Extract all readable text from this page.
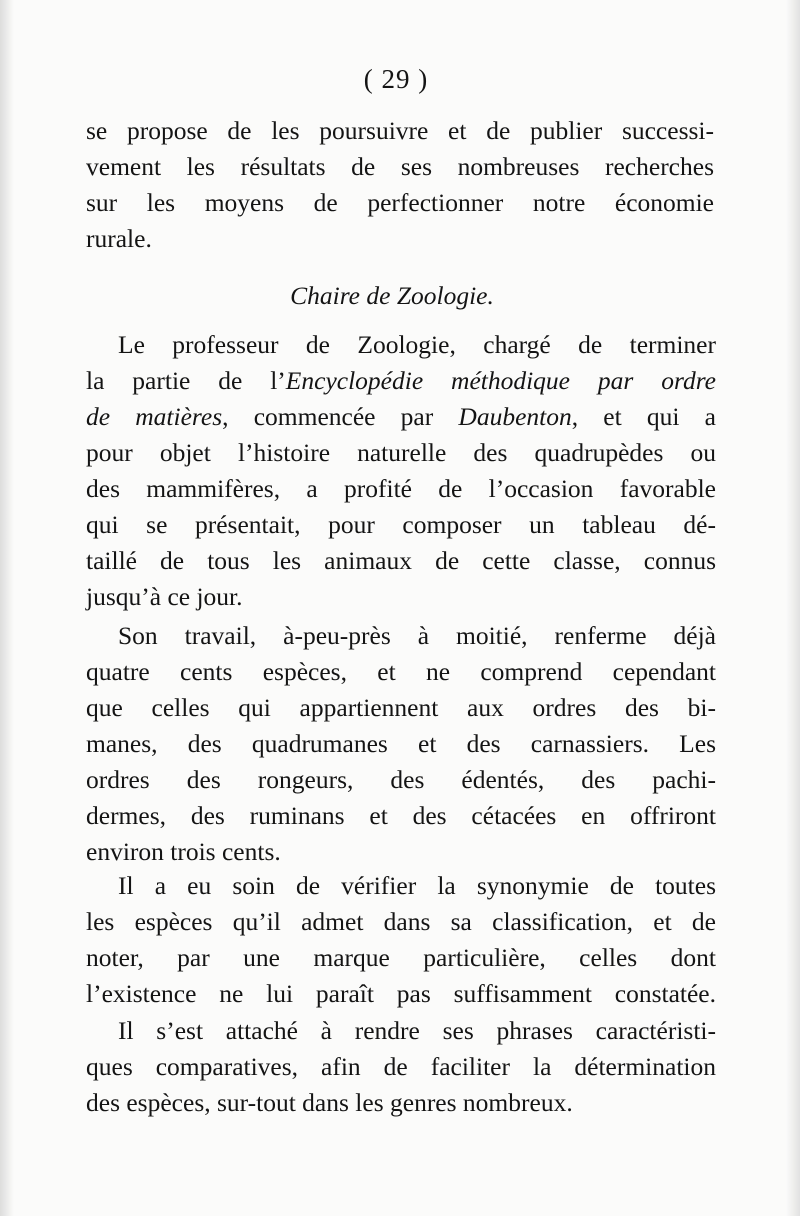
( 29 )
se propose de les poursuivre et de publier successi-
vement les résultats de ses nombreuses recherches
sur les moyens de perfectionner notre économie
rurale.
Chaire de Zoologie.
Le professeur de Zoologie, chargé de terminer
la partie de l’Encyclopédie méthodique par ordre
de matières, commencée par Daubenton, et qui a
pour objet l’histoire naturelle des quadrupèdes ou
des mammifères, a profité de l’occasion favorable
qui se présentait, pour composer un tableau dé-
taillé de tous les animaux de cette classe, connus
jusqu’à ce jour.
Son travail, à-peu-près à moitié, renferme déjà
quatre cents espèces, et ne comprend cependant
que celles qui appartiennent aux ordres des bi-
manes, des quadrumanes et des carnassiers. Les
ordres des rongeurs, des édentés, des pachi-
dermes, des ruminans et des cétacées en offriront
environ trois cents.
Il a eu soin de vérifier la synonymie de toutes
les espèces qu’il admet dans sa classification, et de
noter, par une marque particulière, celles dont
l’existence ne lui paraît pas suffisamment constatée.
Il s’est attaché à rendre ses phrases caractéristi-
ques comparatives, afin de faciliter la détermination
des espèces, sur-tout dans les genres nombreux.
